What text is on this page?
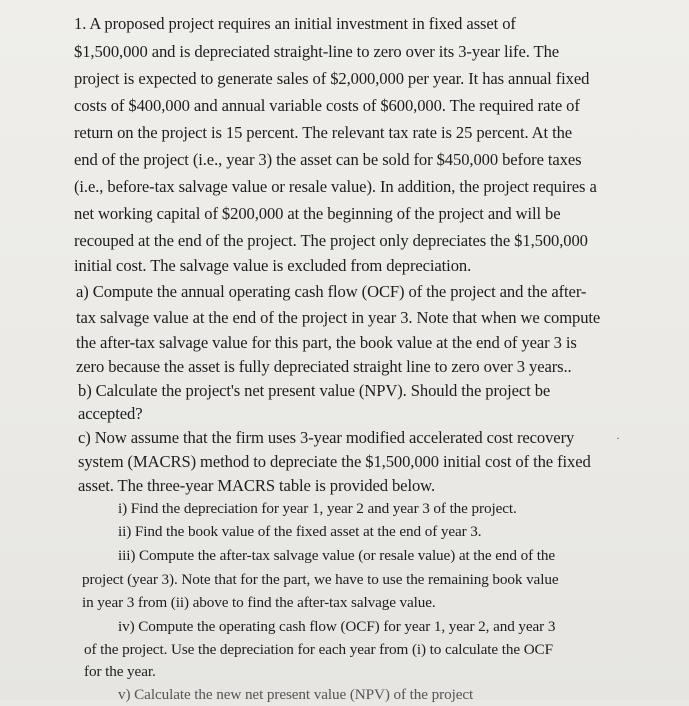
1. A proposed project requires an initial investment in fixed asset of
$1,500,000 and is depreciated straight-line to zero over its 3-year life. The
project is expected to generate sales of $2,000,000 per year. It has annual fixed
costs of $400,000 and annual variable costs of $600,000. The required rate of
return on the project is 15 percent. The relevant tax rate is 25 percent. At the
end of the project (i.e., year 3) the asset can be sold for $450,000 before taxes
(i.e., before-tax salvage value or resale value). In addition, the project requires a
net working capital of $200,000 at the beginning of the project and will be
recouped at the end of the project. The project only depreciates the $1,500,000
initial cost. The salvage value is excluded from depreciation.
a) Compute the annual operating cash flow (OCF) of the project and the after-
tax salvage value at the end of the project in year 3. Note that when we compute
the after-tax salvage value for this part, the book value at the end of year 3 is
zero because the asset is fully depreciated straight line to zero over 3 years..
b) Calculate the project's net present value (NPV). Should the project be
accepted?
c) Now assume that the firm uses 3-year modified accelerated cost recovery	·
system (MACRS) method to depreciate the $1,500,000 initial cost of the fixed
asset. The three-year MACRS table is provided below.
i) Find the depreciation for year 1, year 2 and year 3 of the project.
ii) Find the book value of the fixed asset at the end of year 3.
iii) Compute the after-tax salvage value (or resale value) at the end of the
project (year 3). Note that for the part, we have to use the remaining book value
in year 3 from (ii) above to find the after-tax salvage value.
iv) Compute the operating cash flow (OCF) for year 1, year 2, and year 3
of the project. Use the depreciation for each year from (i) to calculate the OCF
for the year.
v) Calculate the new net present value (NPV) of the project
